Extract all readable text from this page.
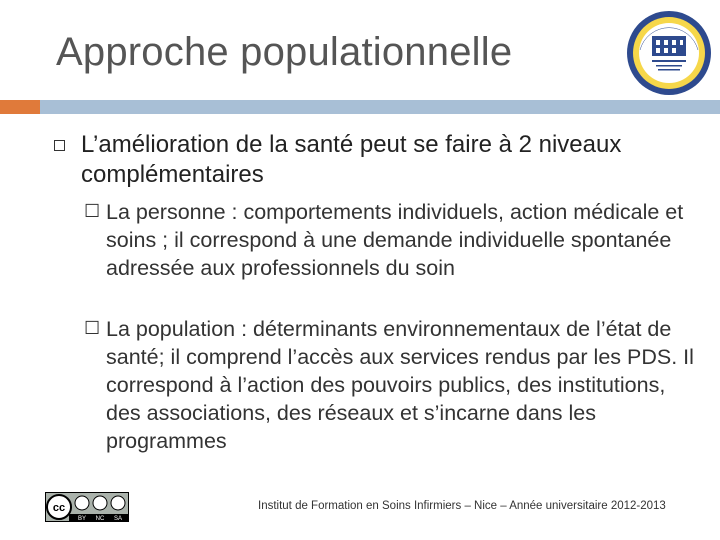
Approche populationnelle
L’amélioration de la santé peut se faire à 2 niveaux complémentaires
☐ La personne : comportements individuels, action médicale et soins ; il correspond à une demande individuelle spontanée adressée aux professionnels du soin
☐ La population : déterminants environnementaux de l’état de santé; il comprend l’accès aux services rendus par les PDS. Il correspond à l’action des pouvoirs publics, des institutions, des associations, des réseaux et s’incarne dans les programmes
cc
BY NC SA
Institut de Formation en Soins Infirmiers – Nice – Année universitaire 2012-2013
